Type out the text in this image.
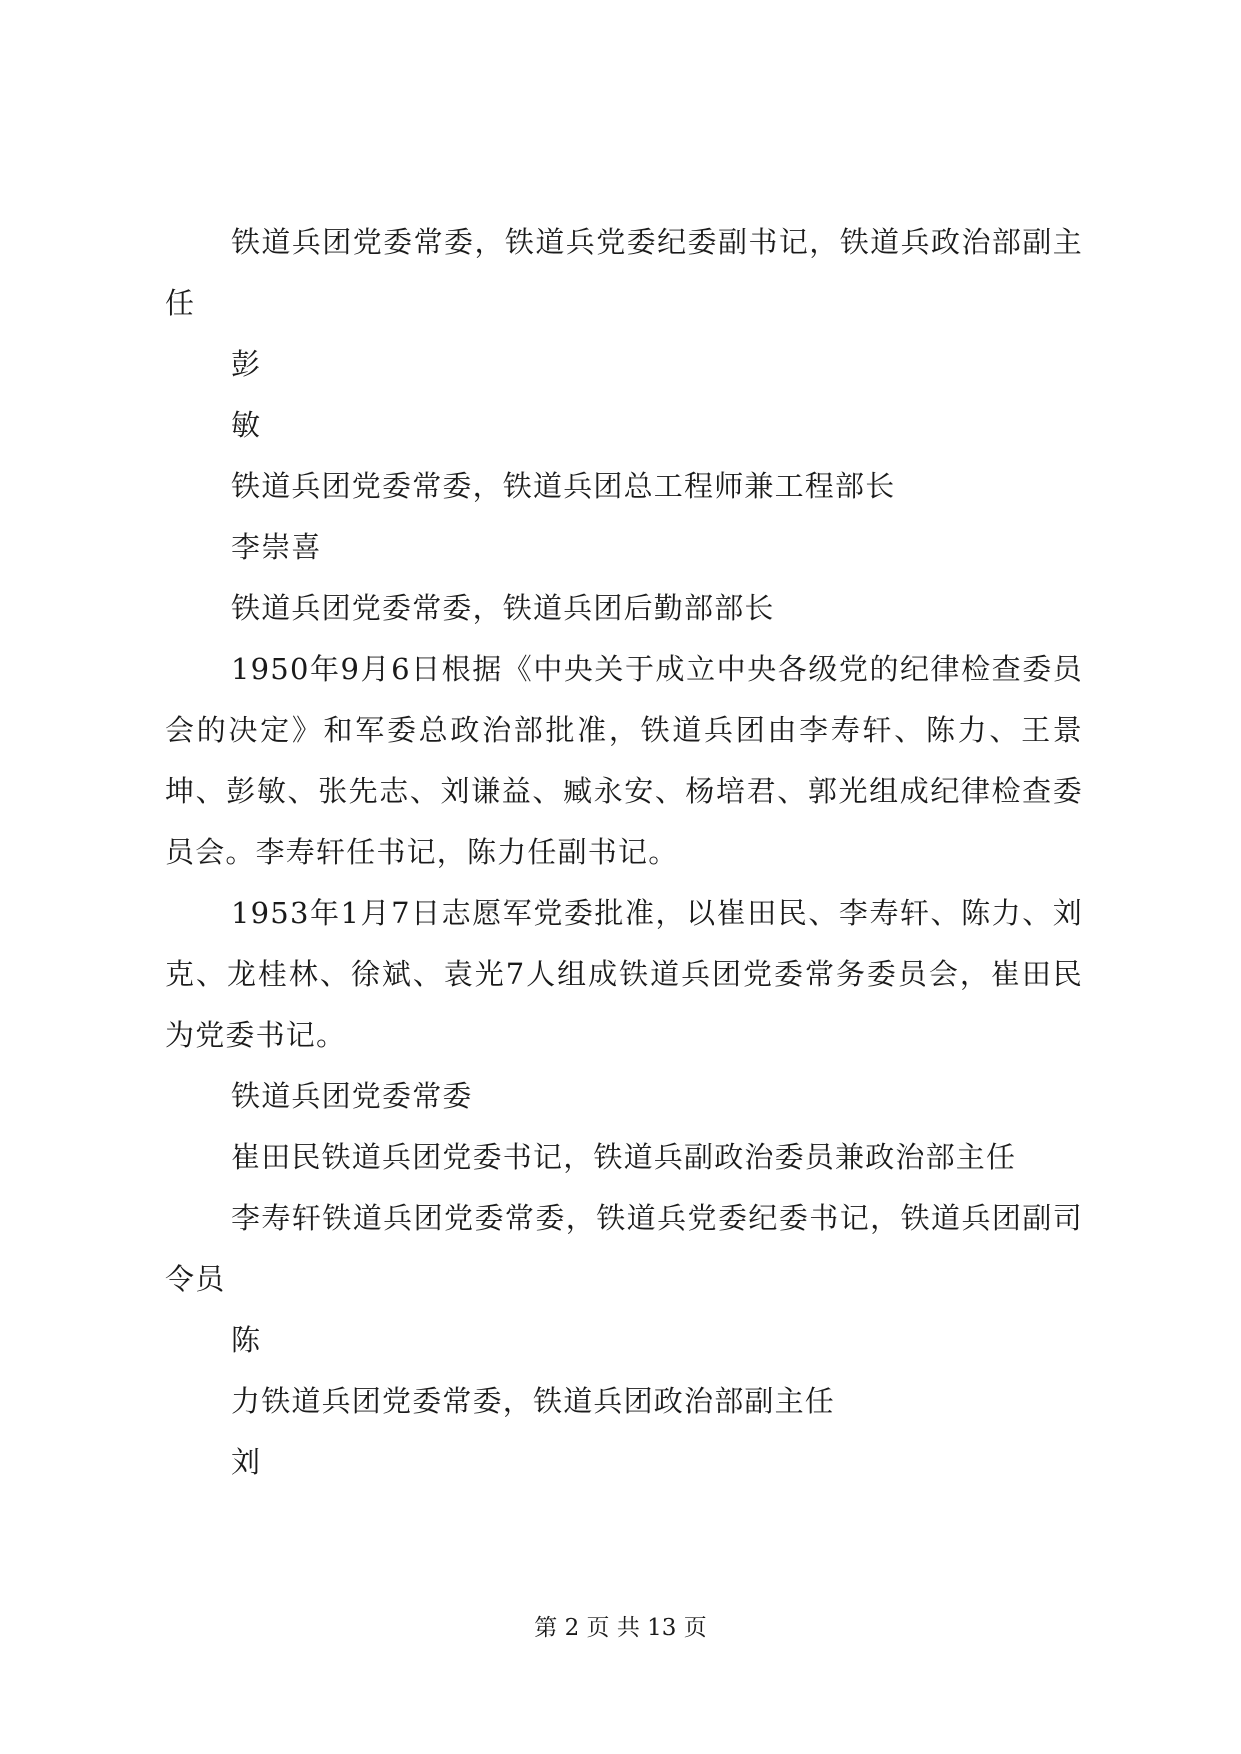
铁道兵团党委常委，铁道兵党委纪委副书记，铁道兵政治部副主任

彭

敏

铁道兵团党委常委，铁道兵团总工程师兼工程部长

李崇喜

铁道兵团党委常委，铁道兵团后勤部部长

1950年9月6日根据《中央关于成立中央各级党的纪律检查委员会的决定》和军委总政治部批准，铁道兵团由李寿轩、陈力、王景坤、彭敏、张先志、刘谦益、臧永安、杨培君、郭光组成纪律检查委员会。李寿轩任书记，陈力任副书记。

1953年1月7日志愿军党委批准，以崔田民、李寿轩、陈力、刘克、龙桂林、徐斌、袁光7人组成铁道兵团党委常务委员会，崔田民为党委书记。

铁道兵团党委常委

崔田民铁道兵团党委书记，铁道兵副政治委员兼政治部主任

李寿轩铁道兵团党委常委，铁道兵党委纪委书记，铁道兵团副司令员

陈

力铁道兵团党委常委，铁道兵团政治部副主任

刘

第 2 页 共 13 页
